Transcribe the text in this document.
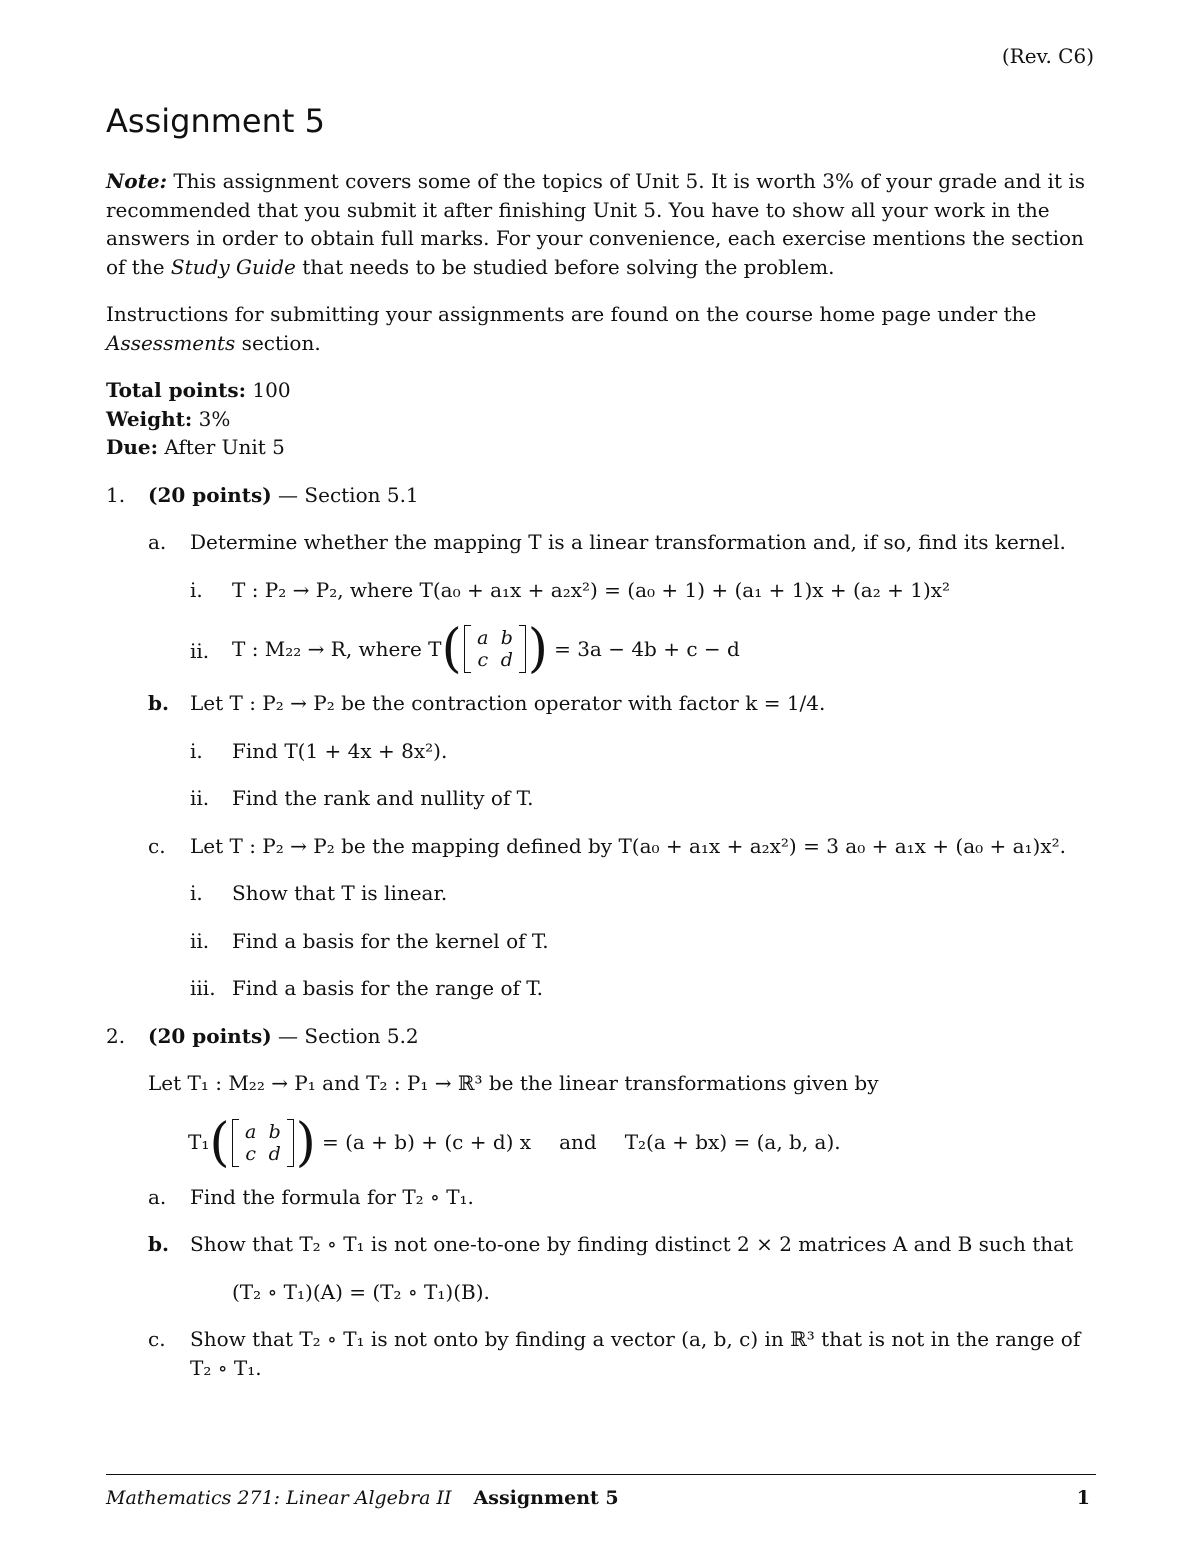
(Rev. C6)
Assignment 5

Note: This assignment covers some of the topics of Unit 5. It is worth 3% of your grade and it is recommended that you submit it after finishing Unit 5. You have to show all your work in the answers in order to obtain full marks. For your convenience, each exercise mentions the section of the Study Guide that needs to be studied before solving the problem.

Instructions for submitting your assignments are found on the course home page under the Assessments section.

Total points: 100
Weight: 3%
Due: After Unit 5
1.	(20 points) — Section 5.1
a.	Determine whether the mapping T is a linear transformation and, if so, find its kernel.
i.	T : P₂ → P₂, where T(a₀ + a₁x + a₂x²) = (a₀ + 1) + (a₁ + 1)x + (a₂ + 1)x²
ii.	T : M₂₂ → R, where T ( a b
c d ) = 3a − 4b + c − d
b.	Let T : P₂ → P₂ be the contraction operator with factor k = 1/4.
i.	Find T(1 + 4x + 8x²).
ii.	Find the rank and nullity of T.
c.	Let T : P₂ → P₂ be the mapping defined by T(a₀ + a₁x + a₂x²) = 3 a₀ + a₁x + (a₀ + a₁)x².
i.	Show that T is linear.
ii.	Find a basis for the kernel of T.
iii. Find a basis for the range of T.
2.	(20 points) — Section 5.2
Let T₁ : M₂₂ → P₁ and T₂ : P₁ → ℝ³ be the linear transformations given by
T₁ ( a b
c d ) = (a + b) + (c + d) x and T₂(a + bx) = (a, b, a).
a.	Find the formula for T₂ ∘ T₁.
b.	Show that T₂ ∘ T₁ is not one-to-one by finding distinct 2 × 2 matrices A and B such that
(T₂ ∘ T₁)(A) = (T₂ ∘ T₁)(B).
c.	Show that T₂ ∘ T₁ is not onto by finding a vector (a, b, c) in ℝ³ that is not in the range of T₂ ∘ T₁.
Mathematics 271: Linear Algebra II Assignment 5	1
